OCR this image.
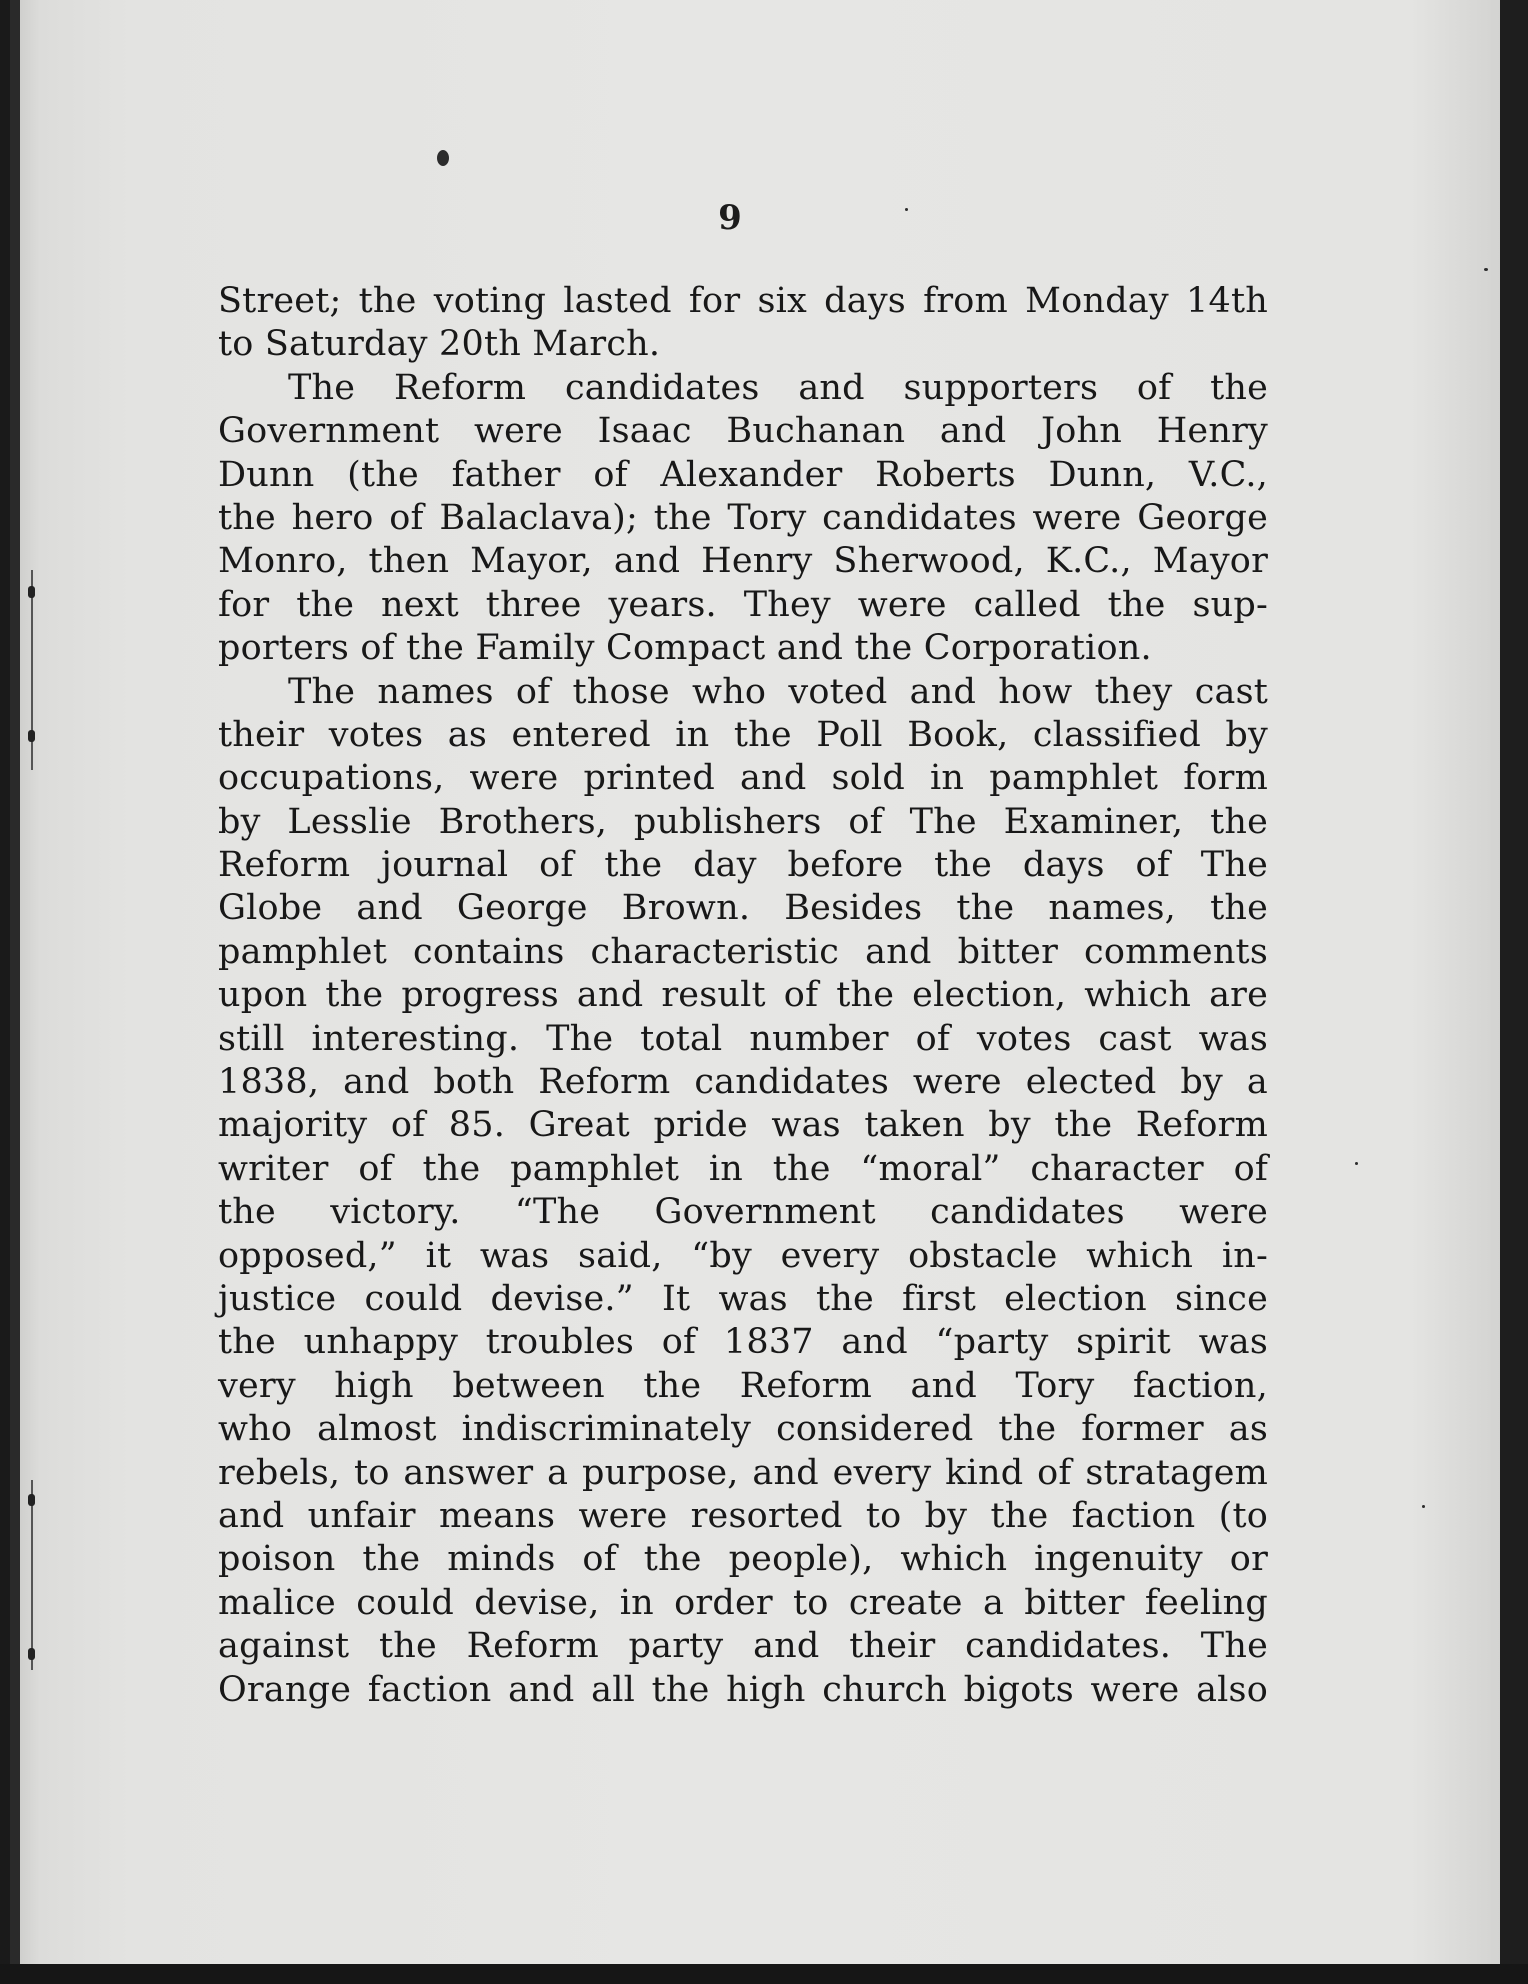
9
Street; the voting lasted for six days from Monday 14th
to Saturday 20th March.
The Reform candidates and supporters of the
Government were Isaac Buchanan and John Henry
Dunn (the father of Alexander Roberts Dunn, V.C.,
the hero of Balaclava); the Tory candidates were George
Monro, then Mayor, and Henry Sherwood, K.C., Mayor
for the next three years. They were called the sup-
porters of the Family Compact and the Corporation.
The names of those who voted and how they cast
their votes as entered in the Poll Book, classified by
occupations, were printed and sold in pamphlet form
by Lesslie Brothers, publishers of The Examiner, the
Reform journal of the day before the days of The
Globe and George Brown. Besides the names, the
pamphlet contains characteristic and bitter comments
upon the progress and result of the election, which are
still interesting. The total number of votes cast was
1838, and both Reform candidates were elected by a
majority of 85. Great pride was taken by the Reform
writer of the pamphlet in the “moral” character of
the victory. “The Government candidates were
opposed,” it was said, “by every obstacle which in-
justice could devise.” It was the first election since
the unhappy troubles of 1837 and “party spirit was
very high between the Reform and Tory faction,
who almost indiscriminately considered the former as
rebels, to answer a purpose, and every kind of stratagem
and unfair means were resorted to by the faction (to
poison the minds of the people), which ingenuity or
malice could devise, in order to create a bitter feeling
against the Reform party and their candidates. The
Orange faction and all the high church bigots were also
